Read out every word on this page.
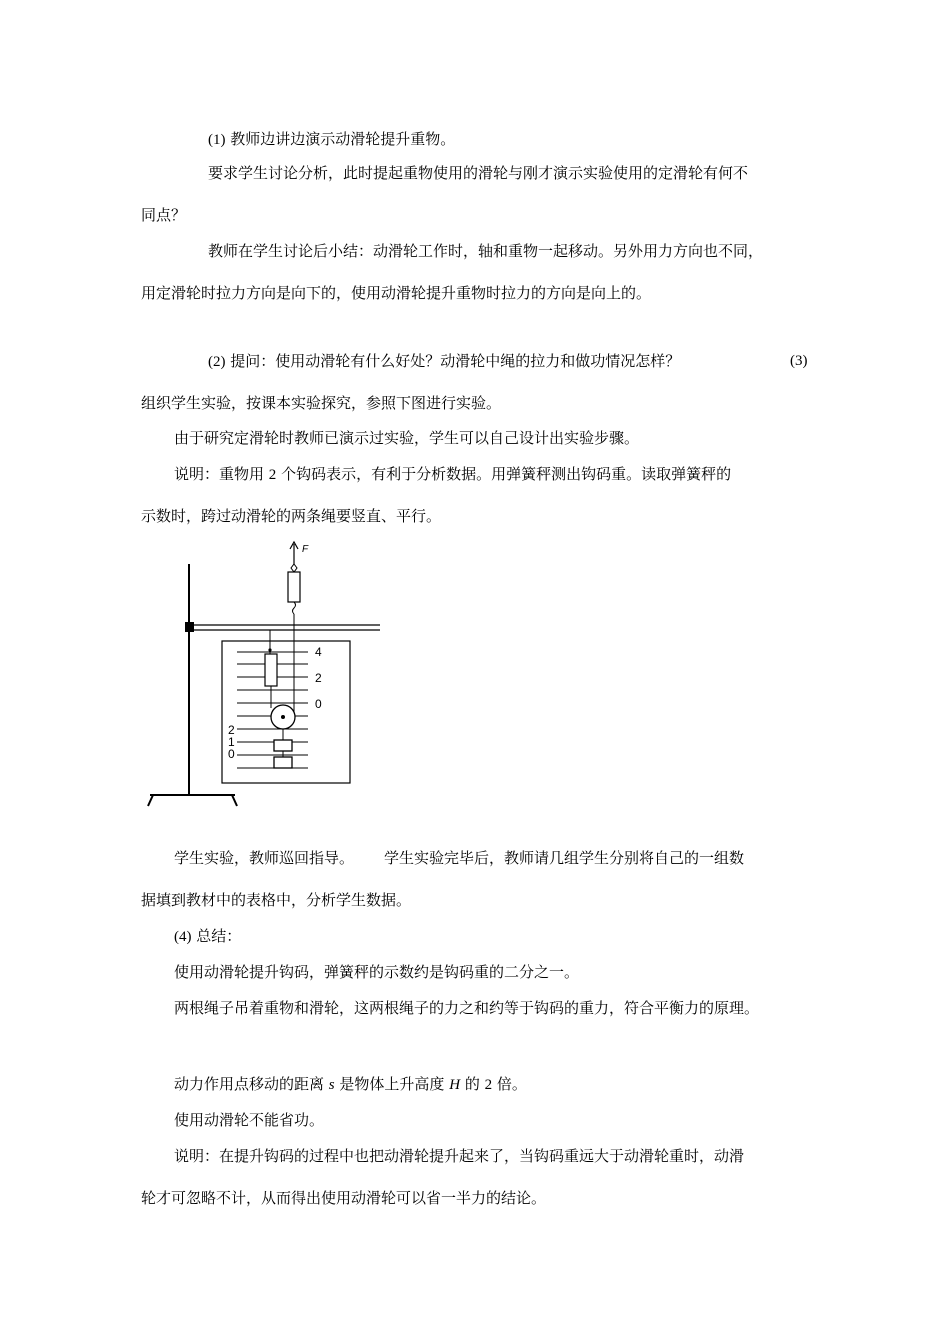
(1) 教师边讲边演示动滑轮提升重物。
要求学生讨论分析，此时提起重物使用的滑轮与刚才演示实验使用的定滑轮有何不
同点？
教师在学生讨论后小结：动滑轮工作时，轴和重物一起移动。另外用力方向也不同，
用定滑轮时拉力方向是向下的，使用动滑轮提升重物时拉力的方向是向上的。
(2) 提问：使用动滑轮有什么好处？动滑轮中绳的拉力和做功情况怎样？	(3)
组织学生实验，按课本实验探究，参照下图进行实验。
由于研究定滑轮时教师已演示过实验，学生可以自己设计出实验步骤。
说明：重物用 2 个钩码表示，有利于分析数据。用弹簧秤测出钩码重。读取弹簧秤的
示数时，跨过动滑轮的两条绳要竖直、平行。
F
4
2
0
2
1
0
学生实验，教师巡回指导。 学生实验完毕后，教师请几组学生分别将自己的一组数
据填到教材中的表格中，分析学生数据。
(4) 总结：
使用动滑轮提升钩码，弹簧秤的示数约是钩码重的二分之一。
两根绳子吊着重物和滑轮，这两根绳子的力之和约等于钩码的重力，符合平衡力的原理。
动力作用点移动的距离 s 是物体上升高度 H 的 2 倍。
使用动滑轮不能省功。
说明：在提升钩码的过程中也把动滑轮提升起来了，当钩码重远大于动滑轮重时，动滑
轮才可忽略不计，从而得出使用动滑轮可以省一半力的结论。
